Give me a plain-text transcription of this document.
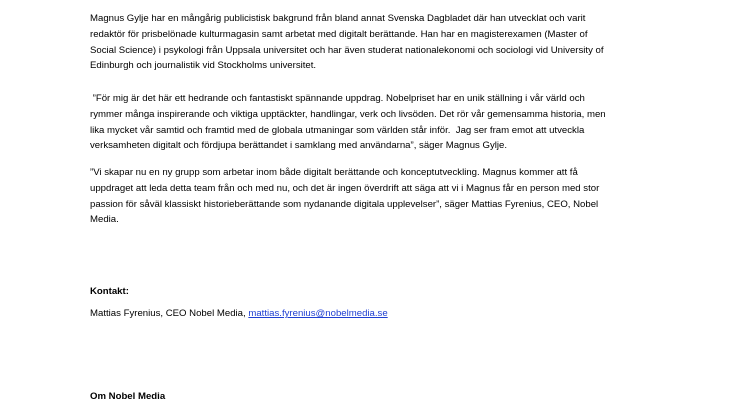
Magnus Gylje har en mångårig publicistisk bakgrund från bland annat Svenska Dagbladet där han utvecklat och varit
redaktör för prisbelönade kulturmagasin samt arbetat med digitalt berättande. Han har en magisterexamen (Master of
Social Science) i psykologi från Uppsala universitet och har även studerat nationalekonomi och sociologi vid University of
Edinburgh och journalistik vid Stockholms universitet.

”För mig är det här ett hedrande och fantastiskt spännande uppdrag. Nobelpriset har en unik ställning i vår värld och
rymmer många inspirerande och viktiga upptäckter, handlingar, verk och livsöden. Det rör vår gemensamma historia, men
lika mycket vår samtid och framtid med de globala utmaningar som världen står inför.  Jag ser fram emot att utveckla
verksamheten digitalt och fördjupa berättandet i samklang med användarna”, säger Magnus Gylje.

”Vi skapar nu en ny grupp som arbetar inom både digitalt berättande och konceptutveckling. Magnus kommer att få
uppdraget att leda detta team från och med nu, och det är ingen överdrift att säga att vi i Magnus får en person med stor
passion för såväl klassiskt historieberättande som nydanande digitala upplevelser”, säger Mattias Fyrenius, CEO, Nobel
Media.

Kontakt:

Mattias Fyrenius, CEO Nobel Media, mattias.fyrenius@nobelmedia.se

Om Nobel Media
